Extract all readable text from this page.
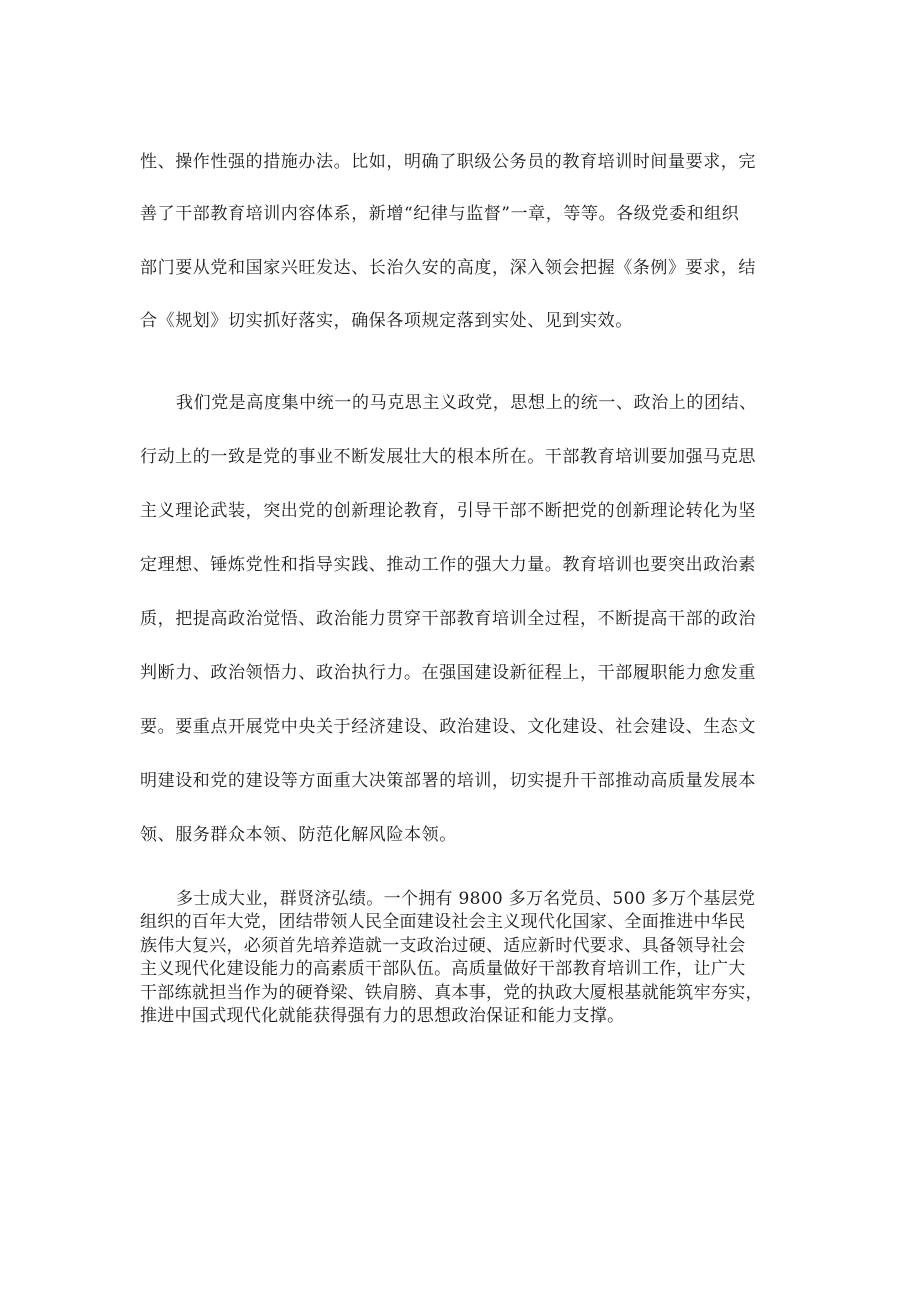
性、操作性强的措施办法。比如，明确了职级公务员的教育培训时间量要求，完
善了干部教育培训内容体系，新增“纪律与监督”一章，等等。各级党委和组织
部门要从党和国家兴旺发达、长治久安的高度，深入领会把握《条例》要求，结
合《规划》切实抓好落实，确保各项规定落到实处、见到实效。
我们党是高度集中统一的马克思主义政党，思想上的统一、政治上的团结、
行动上的一致是党的事业不断发展壮大的根本所在。干部教育培训要加强马克思
主义理论武装，突出党的创新理论教育，引导干部不断把党的创新理论转化为坚
定理想、锤炼党性和指导实践、推动工作的强大力量。教育培训也要突出政治素
质，把提高政治觉悟、政治能力贯穿干部教育培训全过程，不断提高干部的政治
判断力、政治领悟力、政治执行力。在强国建设新征程上，干部履职能力愈发重
要。要重点开展党中央关于经济建设、政治建设、文化建设、社会建设、生态文
明建设和党的建设等方面重大决策部署的培训，切实提升干部推动高质量发展本
领、服务群众本领、防范化解风险本领。
多士成大业，群贤济弘绩。一个拥有 9800 多万名党员、500 多万个基层党
组织的百年大党，团结带领人民全面建设社会主义现代化国家、全面推进中华民
族伟大复兴，必须首先培养造就一支政治过硬、适应新时代要求、具备领导社会
主义现代化建设能力的高素质干部队伍。高质量做好干部教育培训工作，让广大
干部练就担当作为的硬脊梁、铁肩膀、真本事，党的执政大厦根基就能筑牢夯实，
推进中国式现代化就能获得强有力的思想政治保证和能力支撑。
